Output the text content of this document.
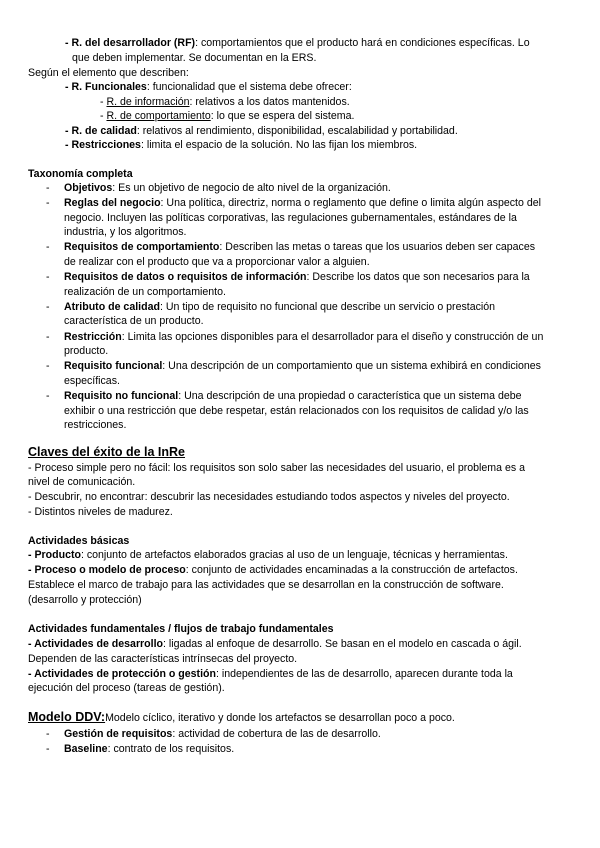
- R. del desarrollador (RF): comportamientos que el producto hará en condiciones específicas. Lo
que deben implementar. Se documentan en la ERS.
Según el elemento que describen:
- R. Funcionales: funcionalidad que el sistema debe ofrecer:
- R. de información: relativos a los datos mantenidos.
- R. de comportamiento: lo que se espera del sistema.
- R. de calidad: relativos al rendimiento, disponibilidad, escalabilidad y portabilidad.
- Restricciones: limita el espacio de la solución. No las fijan los miembros.
Taxonomía completa
- Objetivos: Es un objetivo de negocio de alto nivel de la organización.
- Reglas del negocio: Una política, directriz, norma o reglamento que define o limita algún aspecto del
negocio. Incluyen las políticas corporativas, las regulaciones gubernamentales, estándares de la
industria, y los algoritmos.
- Requisitos de comportamiento: Describen las metas o tareas que los usuarios deben ser capaces
de realizar con el producto que va a proporcionar valor a alguien.
- Requisitos de datos o requisitos de información: Describe los datos que son necesarios para la
realización de un comportamiento.
- Atributo de calidad: Un tipo de requisito no funcional que describe un servicio o prestación
característica de un producto.
- Restricción: Limita las opciones disponibles para el desarrollador para el diseño y construcción de un
producto.
- Requisito funcional: Una descripción de un comportamiento que un sistema exhibirá en condiciones
específicas.
- Requisito no funcional: Una descripción de una propiedad o característica que un sistema debe
exhibir o una restricción que debe respetar, están relacionados con los requisitos de calidad y/o las
restricciones.
Claves del éxito de la InRe
- Proceso simple pero no fácil: los requisitos son solo saber las necesidades del usuario, el problema es a
nivel de comunicación.
- Descubrir, no encontrar: descubrir las necesidades estudiando todos aspectos y niveles del proyecto.
- Distintos niveles de madurez.
Actividades básicas
- Producto: conjunto de artefactos elaborados gracias al uso de un lenguaje, técnicas y herramientas.
- Proceso o modelo de proceso: conjunto de actividades encaminadas a la construcción de artefactos.
Establece el marco de trabajo para las actividades que se desarrollan en la construcción de software.
(desarrollo y protección)
Actividades fundamentales / flujos de trabajo fundamentales
- Actividades de desarrollo: ligadas al enfoque de desarrollo. Se basan en el modelo en cascada o ágil.
Dependen de las características intrínsecas del proyecto.
- Actividades de protección o gestión: independientes de las de desarrollo, aparecen durante toda la
ejecución del proceso (tareas de gestión).
Modelo DDV:Modelo cíclico, iterativo y donde los artefactos se desarrollan poco a poco.
- Gestión de requisitos: actividad de cobertura de las de desarrollo.
- Baseline: contrato de los requisitos.
